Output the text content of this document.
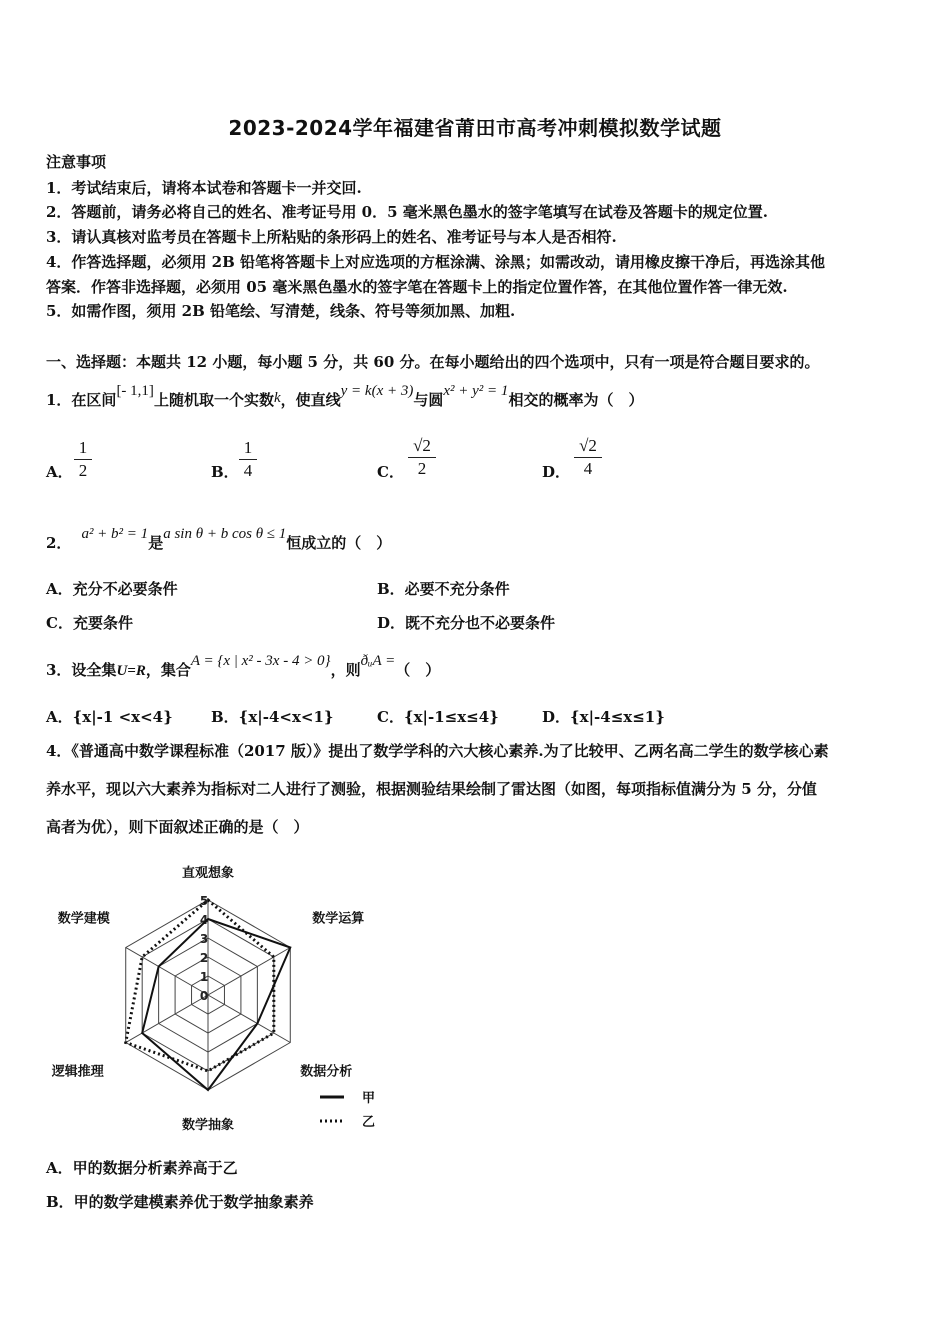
2023-2024学年福建省莆田市高考冲刺模拟数学试题
注意事项
1．考试结束后，请将本试卷和答题卡一并交回.
2．答题前，请务必将自己的姓名、准考证号用 0．5 毫米黑色墨水的签字笔填写在试卷及答题卡的规定位置.
3．请认真核对监考员在答题卡上所粘贴的条形码上的姓名、准考证号与本人是否相符.
4．作答选择题，必须用 2B 铅笔将答题卡上对应选项的方框涂满、涂黑；如需改动，请用橡皮擦干净后，再选涂其他
答案．作答非选择题，必须用 05 毫米黑色墨水的签字笔在答题卡上的指定位置作答，在其他位置作答一律无效.
5．如需作图，须用 2B 铅笔绘、写清楚，线条、符号等须加黑、加粗.
一、选择题：本题共 12 小题，每小题 5 分，共 60 分。在每小题给出的四个选项中，只有一项是符合题目要求的。
1．在区间[- 1,1]上随机取一个实数k，使直线y = k(x + 3)与圆x² + y² = 1相交的概率为（　）
A．
1
2	B．
1
4	C．
√2
2	D．
√2
4
2． a² + b² = 1是a sin θ + b cos θ ≤ 1恒成立的（　）
A．充分不必要条件	B．必要不充分条件
C．充要条件	D．既不充分也不必要条件
3．设全集U=R，集合A = {x | x² - 3x - 4 > 0}，则ðᵤA =（　）
A．{x|-1 <x<4}	B．{x|-4<x<1}	C．{x|-1≤x≤4}	D．{x|-4≤x≤1}
4．《普通高中数学课程标准（2017 版）》提出了数学学科的六大核心素养.为了比较甲、乙两名高二学生的数学核心素
养水平，现以六大素养为指标对二人进行了测验，根据测验结果绘制了雷达图（如图，每项指标值满分为 5 分，分值
高者为优），则下面叙述正确的是（　）
0
1
2
3
4
5
直观想象
数学运算
数据分析
数学抽象
逻辑推理
数学建模
甲
乙
A．甲的数据分析素养高于乙
B．甲的数学建模素养优于数学抽象素养
